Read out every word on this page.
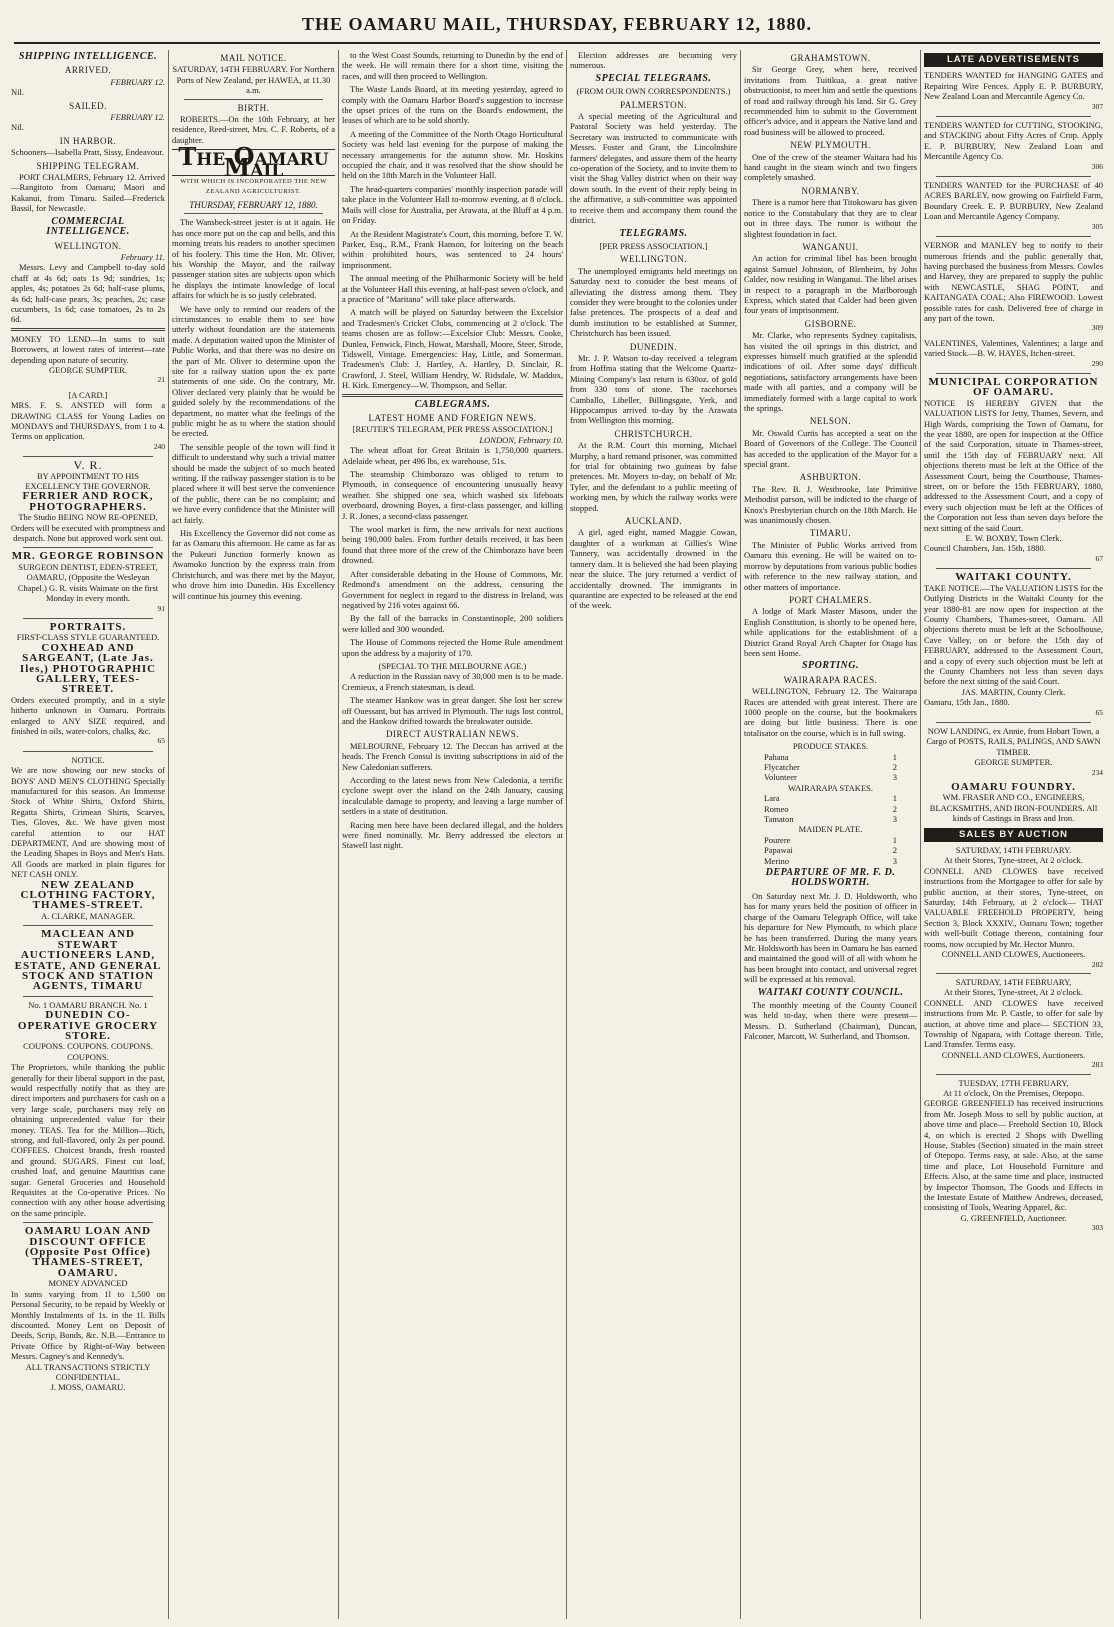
THE OAMARU MAIL, THURSDAY, FEBRUARY 12, 1880.
SHIPPING INTELLIGENCE.
ARRIVED.
FEBRUARY 12.
Nil.
SAILED.
FEBRUARY 12.
Nil.
IN HARBOR.
Schooners—Isabella Pratt, Sissy, Endeavour.
SHIPPING TELEGRAM.

PORT CHALMERS, February 12. Arrived—Rangitoto from Oamaru; Maori and Kakanui, from Timaru. Sailed—Frederick Bassil, for Newcastle.

COMMERCIAL INTELLIGENCE.
WELLINGTON.
February 11.

Messrs. Levy and Campbell to-day sold chaff at 4s 6d; oats 1s 9d; sundries, 1s; apples, 4s; potatoes 2s 6d; half-case plums, 4s 6d; half-case pears, 3s; peaches, 2s; case cucumbers, 1s 6d; case tomatoes, 2s to 2s 6d.

MONEY TO LEND—In sums to suit Borrowers, at lowest rates of interest—rate depending upon nature of security.
GEORGE SUMPTER.
21
[A CARD.]
MRS. F. S. ANSTED will form a DRAWING CLASS for Young Ladies on MONDAYS and THURSDAYS, from 1 to 4. Terms on application.
240
V. R.
BY APPOINTMENT TO HIS EXCELLENCY THE GOVERNOR.
FERRIER AND ROCK, PHOTOGRAPHERS.
The Studio BEING NOW RE-OPENED, Orders will be executed with promptness and despatch. None but approved work sent out.
MR. GEORGE ROBINSON
SURGEON DENTIST, EDEN-STREET, OAMARU, (Opposite the Wesleyan Chapel.) G. R. visits Waimate on the first Monday in every month.
91
PORTRAITS.
FIRST-CLASS STYLE GUARANTEED.
COXHEAD AND SARGEANT, (Late Jas. Iles,) PHOTOGRAPHIC GALLERY, TEES-STREET.
Orders executed promptly, and in a style hitherto unknown in Oamaru. Portraits enlarged to ANY SIZE required, and finished in oils, water-colors, chalks, &c.
65
NOTICE.
We are now showing our new stocks of BOYS' AND MEN'S CLOTHING Specially manufactured for this season. An Immense Stock of White Shirts, Oxford Shirts, Regatta Shirts, Crimean Shirts, Scarves, Ties, Gloves, &c. We have given most careful attention to our HAT DEPARTMENT, And are showing most of the Leading Shapes in Boys and Men's Hats. All Goods are marked in plain figures for NET CASH ONLY.
NEW ZEALAND CLOTHING FACTORY, THAMES-STREET.
A. CLARKE, MANAGER.
MACLEAN AND STEWART AUCTIONEERS LAND, ESTATE, AND GENERAL STOCK AND STATION AGENTS, TIMARU
No. 1 OAMARU BRANCH. No. 1
DUNEDIN CO-OPERATIVE GROCERY STORE.
COUPONS. COUPONS. COUPONS. COUPONS.
The Proprietors, while thanking the public generally for their liberal support in the past, would respectfully notify that as they are direct importers and purchasers for cash on a very large scale, purchasers may rely on obtaining unprecedented value for their money. TEAS. Tea for the Million—Rich, strong, and full-flavored, only 2s per pound. COFFEES. Choicest brands, fresh roasted and ground. SUGARS. Finest cut loaf, crushed loaf, and genuine Mauritius cane sugar. General Groceries and Household Requisites at the Co-operative Prices. No connection with any other house advertising on the same principle.
OAMARU LOAN AND DISCOUNT OFFICE (Opposite Post Office) THAMES-STREET, OAMARU.
MONEY ADVANCED
In sums varying from 1l to 1,500 on Personal Security, to be repaid by Weekly or Monthly Instalments of 1s. in the 1l. Bills discounted. Money Lent on Deposit of Deeds, Scrip, Bonds, &c. N.B.—Entrance to Private Office by Right-of-Way between Messrs. Cagney's and Kennedy's.
ALL TRANSACTIONS STRICTLY CONFIDENTIAL.
J. MOSS, OAMARU.
MAIL NOTICE.
SATURDAY, 14TH FEBRUARY. For Northern Ports of New Zealand, per HAWEA, at 11.30 a.m.
BIRTH.

ROBERTS.—On the 10th February, at her residence, Reed-street, Mrs. C. F. Roberts, of a daughter.

The Oamaru Mail
WITH WHICH IS INCORPORATED THE NEW ZEALAND AGRICULTURIST.
THURSDAY, FEBRUARY 12, 1880.

The Wansbeck-street jester is at it again. He has once more put on the cap and bells, and this morning treats his readers to another specimen of his foolery. This time the Hon. Mr. Oliver, his Worship the Mayor, and the railway passenger station sites are subjects upon which he displays the intimate knowledge of local affairs for which he is so justly celebrated.

We have only to remind our readers of the circumstances to enable them to see how utterly without foundation are the statements made. A deputation waited upon the Minister of Public Works, and that there was no desire on the part of Mr. Oliver to determine upon the site for a railway station upon the ex parte statements of one side. On the contrary, Mr. Oliver declared very plainly that he would be guided solely by the recommendations of the department, no matter what the feelings of the public might be as to where the station should be erected.

The sensible people of the town will find it difficult to understand why such a trivial matter should be made the subject of so much heated writing. If the railway passenger station is to be placed where it will best serve the convenience of the public, there can be no complaint; and we have every confidence that the Minister will act fairly.

His Excellency the Governor did not come as far as Oamaru this afternoon. He came as far as the Pukeuri Junction formerly known as Awamoko Junction by the express train from Christchurch, and was there met by the Mayor, who drove him into Dunedin. His Excellency will continue his journey this evening.

to the West Coast Sounds, returning to Dunedin by the end of the week. He will remain there for a short time, visiting the races, and will then proceed to Wellington.

The Waste Lands Board, at its meeting yesterday, agreed to comply with the Oamaru Harbor Board's suggestion to increase the upset prices of the runs on the Board's endowment, the leases of which are to be sold shortly.

A meeting of the Committee of the North Otago Horticultural Society was held last evening for the purpose of making the necessary arrangements for the autumn show. Mr. Hoskins occupied the chair, and it was resolved that the show should be held on the 18th March in the Volunteer Hall.

The head-quarters companies' monthly inspection parade will take place in the Volunteer Hall to-morrow evening, at 8 o'clock. Mails will close for Australia, per Arawata, at the Bluff at 4 p.m. on Friday.

At the Resident Magistrate's Court, this morning, before T. W. Parker, Esq., R.M., Frank Hanson, for loitering on the beach within prohibited hours, was sentenced to 24 hours' imprisonment.

The annual meeting of the Philharmonic Society will be held at the Volunteer Hall this evening, at half-past seven o'clock, and a practice of "Maritana" will take place afterwards.

A match will be played on Saturday between the Excelsior and Tradesmen's Cricket Clubs, commencing at 2 o'clock. The teams chosen are as follow:—Excelsior Club: Messrs. Cooke, Dunlea, Fenwick, Finch, Howat, Marshall, Moore, Steer, Strode, Tidswell, Vintage. Emergencies: Hay, Little, and Somerman. Tradesmen's Club: J. Hartley, A. Hartley, D. Sinclair, R. Crawford, J. Steel, William Hendry, W. Ridsdale, W. Maddox, H. Kirk. Emergency—W. Thompson, and Sellar.

CABLEGRAMS.
LATEST HOME AND FOREIGN NEWS.
[REUTER'S TELEGRAM, PER PRESS ASSOCIATION.]
LONDON, February 10.

The wheat afloat for Great Britain is 1,750,000 quarters. Adelaide wheat, per 496 lbs, ex warehouse, 51s.

The steamship Chimborazo was obliged to return to Plymouth, in consequence of encountering unusually heavy weather. She shipped one sea, which washed six lifeboats overboard, drowning Boyes, a first-class passenger, and killing J. R. Jones, a second-class passenger.

The wool market is firm, the new arrivals for next auctions being 190,000 bales. From further details received, it has been found that three more of the crew of the Chimborazo have been drowned.

After considerable debating in the House of Commons, Mr. Redmond's amendment on the address, censuring the Government for neglect in regard to the distress in Ireland, was negatived by 216 votes against 66.

By the fall of the barracks in Constantinople, 200 soldiers were killed and 300 wounded.

The House of Commons rejected the Home Rule amendment upon the address by a majority of 170.

(SPECIAL TO THE MELBOURNE AGE.)

A reduction in the Russian navy of 30,000 men is to be made. Cremieux, a French statesman, is dead.

The steamer Hankow was in great danger. She lost her screw off Ouessant, but has arrived in Plymouth. The tugs lost control, and the Hankow drifted towards the breakwater outside.

DIRECT AUSTRALIAN NEWS.

MELBOURNE, February 12. The Deccan has arrived at the heads. The French Consul is inviting subscriptions in aid of the New Caledonian sufferers.

According to the latest news from New Caledonia, a terrific cyclone swept over the island on the 24th January, causing incalculable damage to property, and leaving a large number of settlers in a state of destitution.

Racing men here have been declared illegal, and the holders were fined nominally. Mr. Berry addressed the electors at Stawell last night.

Election addresses are becoming very numerous.

SPECIAL TELEGRAMS.
(FROM OUR OWN CORRESPONDENTS.)
PALMERSTON.

A special meeting of the Agricultural and Pastoral Society was held yesterday. The Secretary was instructed to communicate with Messrs. Foster and Grant, the Lincolnshire farmers' delegates, and assure them of the hearty co-operation of the Society, and to invite them to visit the Shag Valley district when on their way down south. In the event of their reply being in the affirmative, a sub-committee was appointed to receive them and accompany them round the district.

TELEGRAMS.
[PER PRESS ASSOCIATION.]
WELLINGTON.

The unemployed emigrants held meetings on Saturday next to consider the best means of alleviating the distress among them. They consider they were brought to the colonies under false pretences. The prospects of a deaf and dumb institution to be established at Sumner, Christchurch has been issued.

DUNEDIN.

Mr. J. P. Watson to-day received a telegram from Hoffma stating that the Welcome Quartz-Mining Company's last return is 630oz. of gold from 330 tons of stone. The racehorses Camballo, Libeller, Billingsgate, Yerk, and Hippocampus arrived to-day by the Arawata from Wellington this morning.

CHRISTCHURCH.

At the R.M. Court this morning, Michael Murphy, a hard remand prisoner, was committed for trial for obtaining two guineas by false pretences. Mr. Moyers to-day, on behalf of Mr. Tyler, and the defendant to a public meeting of working men, by which the railway works were stopped.

AUCKLAND.

A girl, aged eight, named Maggie Cowan, daughter of a workman at Gillies's Wine Tannery, was accidentally drowned in the tannery dam. It is believed she had been playing near the sluice. The jury returned a verdict of accidentally drowned. The immigrants in quarantine are expected to be released at the end of the week.

GRAHAMSTOWN.

Sir George Grey, when here, received invitations from Tuitikua, a great native obstructionist, to meet him and settle the questions of road and railway through his land. Sir G. Grey recommended him to submit to the Government officer's advice, and it appears the Native land and road business will be allowed to proceed.

NEW PLYMOUTH.

One of the crew of the steamer Waitara had his hand caught in the steam winch and two fingers completely smashed.

NORMANBY.

There is a rumor here that Titokowaru has given notice to the Constabulary that they are to clear out in three days. The rumor is without the slightest foundation in fact.

WANGANUI.

An action for criminal libel has been brought against Samuel Johnston, of Blenheim, by John Calder, now residing in Wanganui. The libel arises in respect to a paragraph in the Marlborough Express, which stated that Calder had been given four years of imprisonment.

GISBORNE.

Mr. Clarke, who represents Sydney capitalists, has visited the oil springs in this district, and expresses himself much gratified at the splendid indications of oil. After some days' difficult negotiations, satisfactory arrangements have been made with all parties, and a company will be immediately formed with a large capital to work the springs.

NELSON.

Mr. Oswald Curtis has accepted a seat on the Board of Governors of the College. The Council has acceded to the application of the Mayor for a special grant.

ASHBURTON.

The Rev. B. J. Westbrooke, late Primitive Methodist parson, will be indicted to the charge of Knox's Presbyterian church on the 18th March. He was unanimously chosen.

TIMARU.

The Minister of Public Works arrived from Oamaru this evening. He will be waited on to-morrow by deputations from various public bodies with reference to the new railway station, and other matters of importance.

PORT CHALMERS.

A lodge of Mark Master Masons, under the English Constitution, is shortly to be opened here, while applications for the establishment of a District Grand Royal Arch Chapter for Otago has been sent Home.

SPORTING.
WAIRARAPA RACES.

WELLINGTON, February 12. The Wairarapa Races are attended with great interest. There are 1000 people on the course, but the bookmakers are doing but little business. There is one totalisator on the course, which is in full swing.

PRODUCE STAKES.
Pahana	1
Flycatcher	2
Volunteer	3
WAIRARAPA STAKES.
Lara	1
Romeo	2
Tamaton	3
MAIDEN PLATE.
Pourere	1
Papawai	2
Merino	3
DEPARTURE OF MR. F. D. HOLDSWORTH.

On Saturday next Mr. J. D. Holdsworth, who has for many years held the position of officer in charge of the Oamaru Telegraph Office, will take his departure for New Plymouth, to which place he has been transferred. During the many years Mr. Holdsworth has been in Oamaru he has earned and maintained the good will of all with whom he has been brought into contact, and universal regret will be expressed at his removal.

WAITAKI COUNTY COUNCIL.

The monthly meeting of the County Council was held to-day, when there were present—Messrs. D. Sutherland (Chairman), Duncan, Falconer, Marcott, W. Sutherland, and Thomson.

LATE ADVERTISEMENTS
TENDERS WANTED for HANGING GATES and Repairing Wire Fences. Apply E. P. BURBURY, New Zealand Loan and Mercantile Agency Co.
307
TENDERS WANTED for CUTTING, STOOKING, and STACKING about Fifty Acres of Crop. Apply E. P. BURBURY, New Zealand Loan and Mercantile Agency Co.
306
TENDERS WANTED for the PURCHASE of 40 ACRES BARLEY, now growing on Fairfield Farm, Boundary Creek. E. P. BURBURY, New Zealand Loan and Mercantile Agency Company.
305
VERNOR and MANLEY beg to notify to their numerous friends and the public generally that, having purchased the business from Messrs. Cowles and Harvey, they are prepared to supply the public with NEWCASTLE, SHAG POINT, and KAITANGATA COAL; Also FIREWOOD. Lowest possible rates for cash. Delivered free of charge in any part of the town.
309
VALENTINES, Valentines, Valentines; a large and varied Stock.—B. W. HAYES, Itchen-street.
290
MUNICIPAL CORPORATION OF OAMARU.
NOTICE IS HEREBY GIVEN that the VALUATION LISTS for Jetty, Thames, Severn, and High Wards, comprising the Town of Oamaru, for the year 1880, are open for inspection at the Office of the said Corporation, situate in Thames-street, until the 15th day of FEBRUARY next. All objections thereto must be left at the Office of the Assessment Court, being the Courthouse, Thames-street, on or before the 15th FEBRUARY, 1880, addressed to the Assessment Court, and a copy of every such objection must be left at the Offices of the Corporation not less than seven days before the next sitting of the said Court.
E. W. BOXBY, Town Clerk.
Council Chambers, Jan. 15th, 1880.
67
WAITAKI COUNTY.
TAKE NOTICE.—The VALUATION LISTS for the Outlying Districts in the Waitaki County for the year 1880-81 are now open for inspection at the County Chambers, Thames-street, Oamaru. All objections thereto must be left at the Schoolhouse, Cave Valley, on or before the 15th day of FEBRUARY, addressed to the Assessment Court, and a copy of every such objection must be left at the County Chambers not less than seven days before the next sitting of the said Court.
JAS. MARTIN, County Clerk.
Oamaru, 15th Jan., 1880.
65
NOW LANDING, ex Annie, from Hobart Town, a Cargo of POSTS, RAILS, PALINGS, AND SAWN TIMBER.
GEORGE SUMPTER.
234
OAMARU FOUNDRY.
WM. FRASER AND CO., ENGINEERS, BLACKSMITHS, AND IRON-FOUNDERS. All kinds of Castings in Brass and Iron.
SALES BY AUCTION
SATURDAY, 14TH FEBRUARY.
At their Stores, Tyne-street, At 2 o'clock.
CONNELL AND CLOWES have received instructions from the Mortgagee to offer for sale by public auction, at their stores, Tyne-street, on Saturday, 14th February, at 2 o'clock— THAT VALUABLE FREEHOLD PROPERTY, being Section 3, Block XXXIV., Oamaru Town; together with well-built Cottage thereon, containing four rooms, now occupied by Mr. Hector Munro.
CONNELL AND CLOWES, Auctioneers.
282
SATURDAY, 14TH FEBRUARY,
At their Stores, Tyne-street, At 2 o'clock.
CONNELL AND CLOWES have received instructions from Mr. P. Castle, to offer for sale by auction, at above time and place— SECTION 33, Township of Ngapara, with Cottage thereon. Title, Land Transfer. Terms easy.
CONNELL AND CLOWES, Auctioneers.
283
TUESDAY, 17TH FEBRUARY,
At 11 o'clock, On the Premises, Otepopo.
GEORGE GREENFIELD has received instructions from Mr. Joseph Moss to sell by public auction, at above time and place— Freehold Section 10, Block 4, on which is erected 2 Shops with Dwelling House, Stables (Section) situated in the main street of Otepopo. Terms easy, at sale. Also, at the same time and place, Lot Household Furniture and Effects. Also, at the same time and place, instructed by Inspector Thomson, The Goods and Effects in the Intestate Estate of Matthew Andrews, deceased, consisting of Tools, Wearing Apparel, &c.
G. GREENFIELD, Auctioneer.
303
